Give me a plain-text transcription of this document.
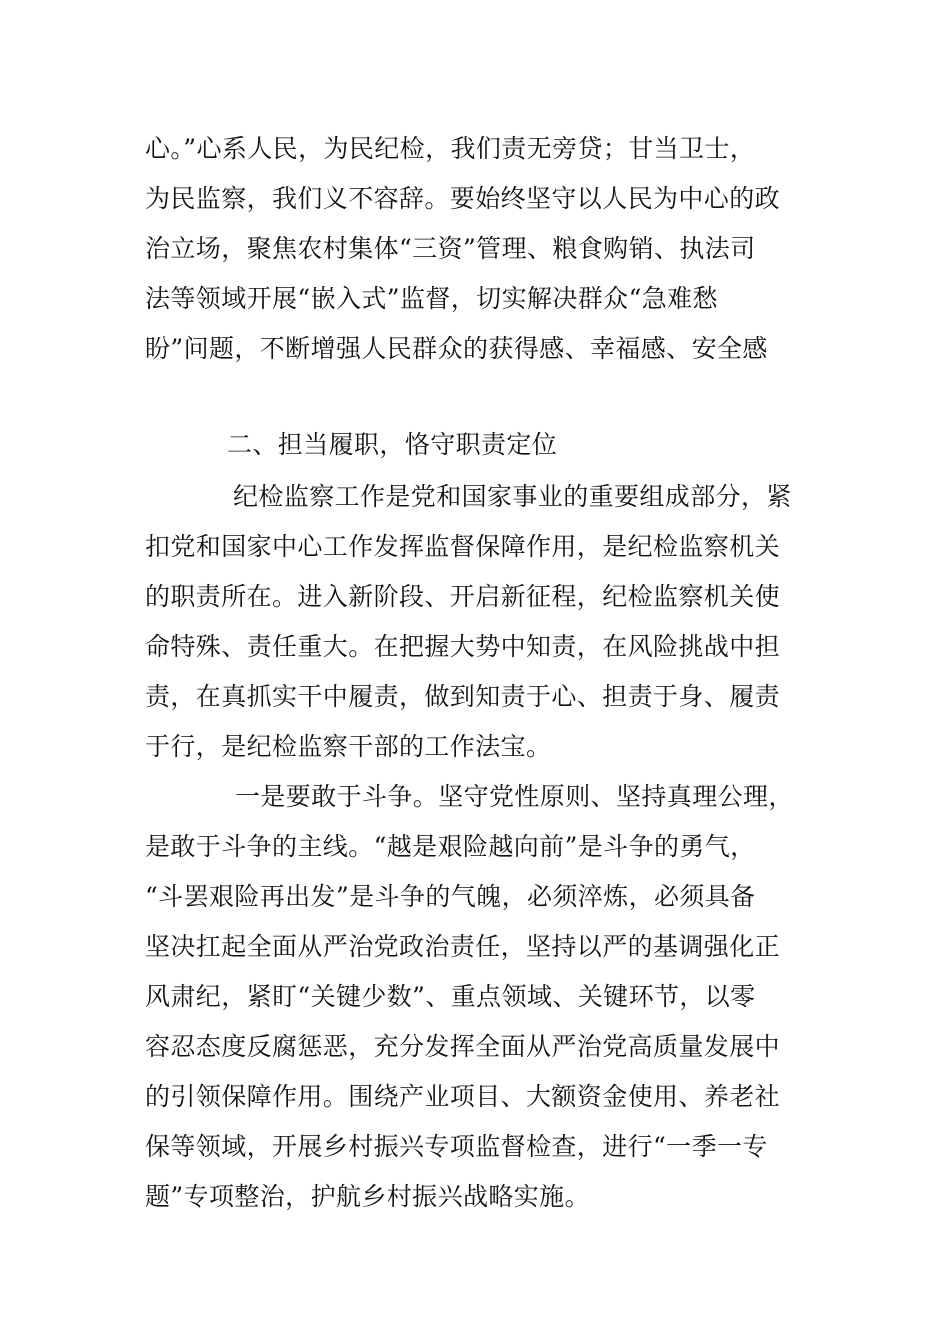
心。”心系人民，为民纪检，我们责无旁贷；甘当卫士，
为民监察，我们义不容辞。要始终坚守以人民为中心的政
治立场，聚焦农村集体“三资”管理、粮食购销、执法司
法等领域开展“嵌入式”监督，切实解决群众“急难愁
盼”问题，不断增强人民群众的获得感、幸福感、安全感
二、担当履职，恪守职责定位
纪检监察工作是党和国家事业的重要组成部分，紧
扣党和国家中心工作发挥监督保障作用，是纪检监察机关
的职责所在。进入新阶段、开启新征程，纪检监察机关使
命特殊、责任重大。在把握大势中知责，在风险挑战中担
责，在真抓实干中履责，做到知责于心、担责于身、履责
于行，是纪检监察干部的工作法宝。
一是要敢于斗争。坚守党性原则、坚持真理公理，
是敢于斗争的主线。“越是艰险越向前”是斗争的勇气，
“斗罢艰险再出发”是斗争的气魄，必须淬炼，必须具备
坚决扛起全面从严治党政治责任，坚持以严的基调强化正
风肃纪，紧盯“关键少数”、重点领域、关键环节，以零
容忍态度反腐惩恶，充分发挥全面从严治党高质量发展中
的引领保障作用。围绕产业项目、大额资金使用、养老社
保等领域，开展乡村振兴专项监督检查，进行“一季一专
题”专项整治，护航乡村振兴战略实施。
